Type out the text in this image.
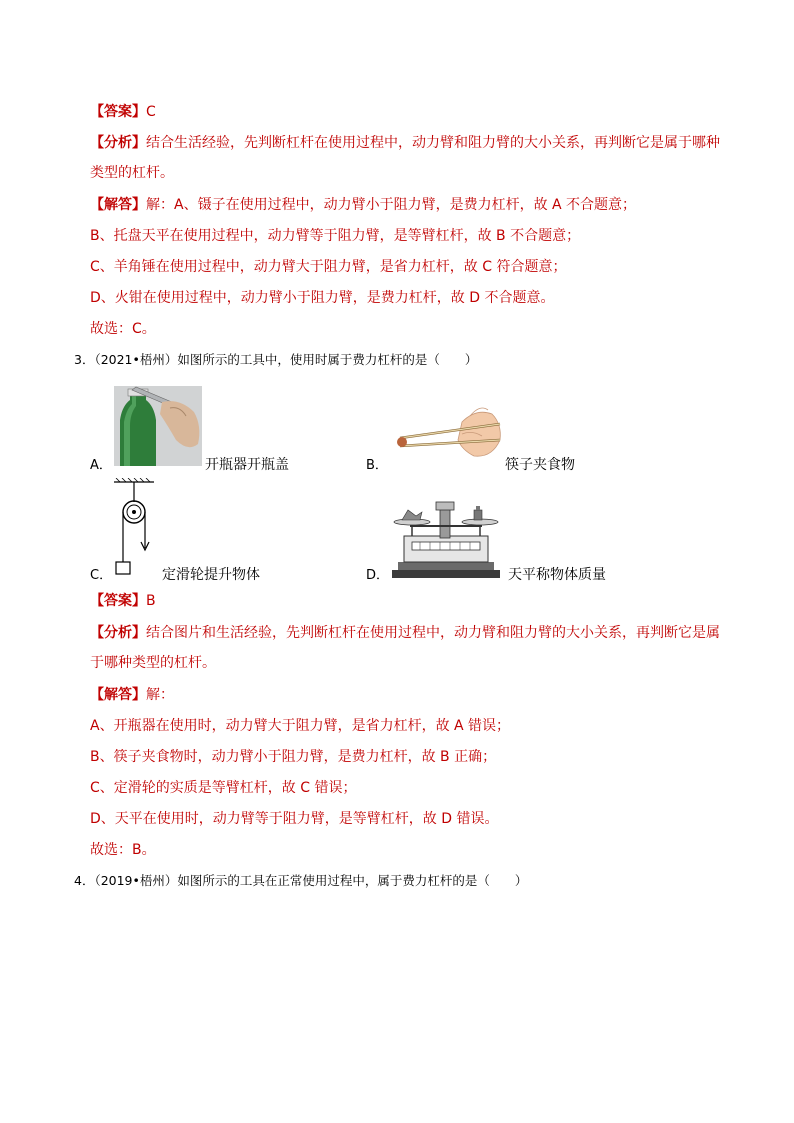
【答案】C
【分析】结合生活经验，先判断杠杆在使用过程中，动力臂和阻力臂的大小关系，再判断它是属于哪种
类型的杠杆。
【解答】解：A、镊子在使用过程中，动力臂小于阻力臂，是费力杠杆，故 A 不合题意；
B、托盘天平在使用过程中，动力臂等于阻力臂，是等臂杠杆，故 B 不合题意；
C、羊角锤在使用过程中，动力臂大于阻力臂，是省力杠杆，故 C 符合题意；
D、火钳在使用过程中，动力臂小于阻力臂，是费力杠杆，故 D 不合题意。
故选：C。
3．（2021•梧州）如图所示的工具中，使用时属于费力杠杆的是（　　）
A．	开瓶器开瓶盖	B．	筷子夹食物
C．	定滑轮提升物体	D．	天平称物体质量
【答案】B
【分析】结合图片和生活经验，先判断杠杆在使用过程中，动力臂和阻力臂的大小关系，再判断它是属
于哪种类型的杠杆。
【解答】解：
A、开瓶器在使用时，动力臂大于阻力臂，是省力杠杆，故 A 错误；
B、筷子夹食物时，动力臂小于阻力臂，是费力杠杆，故 B 正确；
C、定滑轮的实质是等臂杠杆，故 C 错误；
D、天平在使用时，动力臂等于阻力臂，是等臂杠杆，故 D 错误。
故选：B。
4．（2019•梧州）如图所示的工具在正常使用过程中，属于费力杠杆的是（　　）
